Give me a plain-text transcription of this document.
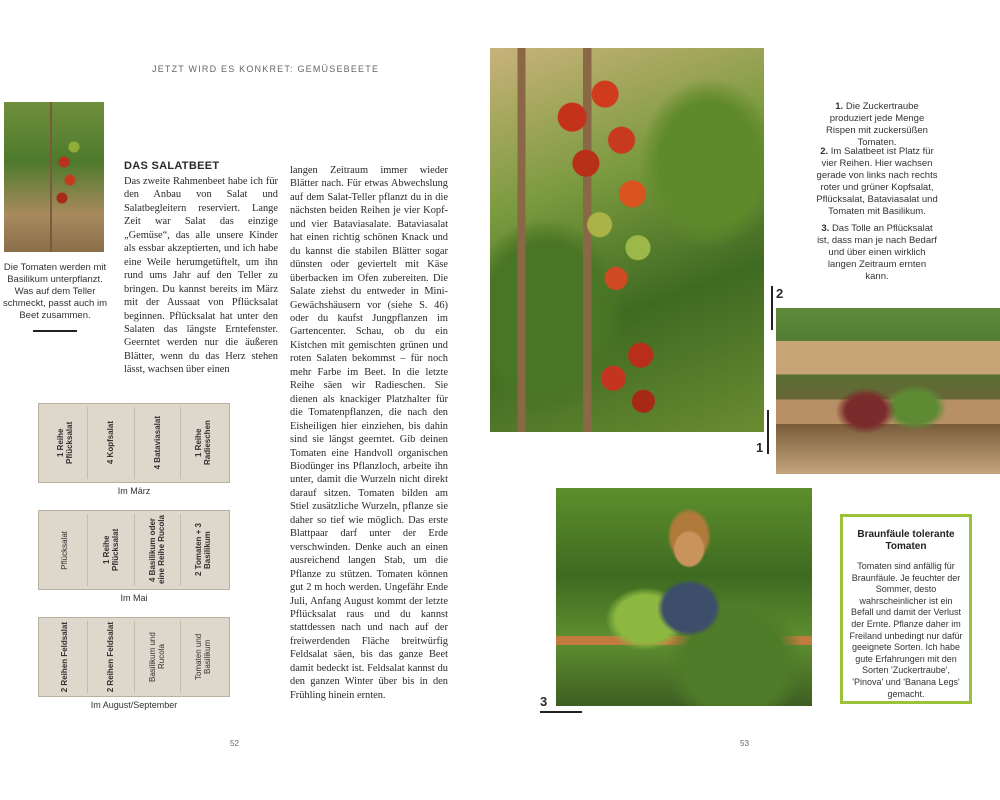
JETZT WIRD ES KONKRET: GEMÜSEBEETE
Die Tomaten werden mit Basilikum unterpflanzt. Was auf dem Teller schmeckt, passt auch im Beet zusammen.
DAS SALATBEET
Das zweite Rahmenbeet habe ich für den Anbau von Salat und Salatbegleitern reserviert. Lange Zeit war Salat das einzige „Gemüse“, das alle unsere Kinder als essbar akzeptierten, und ich habe eine Weile herumgetüftelt, um ihn rund ums Jahr auf den Teller zu bringen. Du kannst bereits im März mit der Aussaat von Pflücksalat beginnen. Pflücksalat hat unter den Salaten das längste Erntefenster. Geerntet werden nur die äußeren Blätter, wenn du das Herz stehen lässt, wachsen über einen
langen Zeitraum immer wieder Blätter nach. Für etwas Abwechslung auf dem Salat-Teller pflanzt du in die nächsten beiden Reihen je vier Kopf- und vier Bataviasalate. Bataviasalat hat einen richtig schönen Knack und du kannst die stabilen Blätter sogar dünsten oder geviertelt mit Käse überbacken im Ofen zubereiten. Die Salate ziehst du entweder in Mini-Gewächshäusern vor (siehe S. 46) oder du kaufst Jungpflanzen im Gartencenter. Schau, ob du ein Kistchen mit gemischten grünen und roten Salaten bekommst – für noch mehr Farbe im Beet. In die letzte Reihe säen wir Radieschen. Sie dienen als knackiger Platzhalter für die Tomatenpflanzen, die nach den Eisheiligen hier einziehen, bis dahin sind sie längst geerntet. Gib deinen Tomaten eine Handvoll organischen Biodünger ins Pflanzloch, arbeite ihn unter, damit die Wurzeln nicht direkt darauf sitzen. Tomaten bilden am Stiel zusätzliche Wurzeln, pflanze sie daher so tief wie möglich. Das erste Blattpaar darf unter der Erde verschwinden. Denke auch an einen ausreichend langen Stab, um die Pflanze zu stützen. Tomaten können gut 2 m hoch werden. Ungefähr Ende Juli, Anfang August kommt der letzte Pflücksalat raus und du kannst stattdessen nach und nach auf der freiwerdenden Fläche breitwürfig Feldsalat säen, bis das ganze Beet damit bedeckt ist. Feldsalat kannst du den ganzen Winter über bis in den Frühling hinein ernten.
1 Reihe Pflücksalat	4 Kopfsalat	4 Bataviasalat	1 Reihe Radieschen
Im März
Pflücksalat	1 Reihe Pflücksalat	4 Basilikum oder eine Reihe Rucola	2 Tomaten + 3 Basilikum
Im Mai
2 Reihen Feldsalat	2 Reihen Feldsalat	Basilikum und Rucola	Tomaten und Basilikum
Im August/September
1
2
3
1. Die Zuckertraube produziert jede Menge Rispen mit zuckersüßen Tomaten.
2. Im Salatbeet ist Platz für vier Reihen. Hier wachsen gerade von links nach rechts roter und grüner Kopfsalat, Pflücksalat, Bataviasalat und Tomaten mit Basilikum.
3. Das Tolle an Pflücksalat ist, dass man je nach Bedarf und über einen wirklich langen Zeitraum ernten kann.
Braunfäule tolerante Tomaten
Tomaten sind anfällig für Braunfäule. Je feuchter der Sommer, desto wahrscheinlicher ist ein Befall und damit der Verlust der Ernte. Pflanze daher im Freiland unbedingt nur dafür geeignete Sorten. Ich habe gute Erfahrungen mit den Sorten 'Zuckertraube', 'Pinova' und 'Banana Legs' gemacht.
52	53
